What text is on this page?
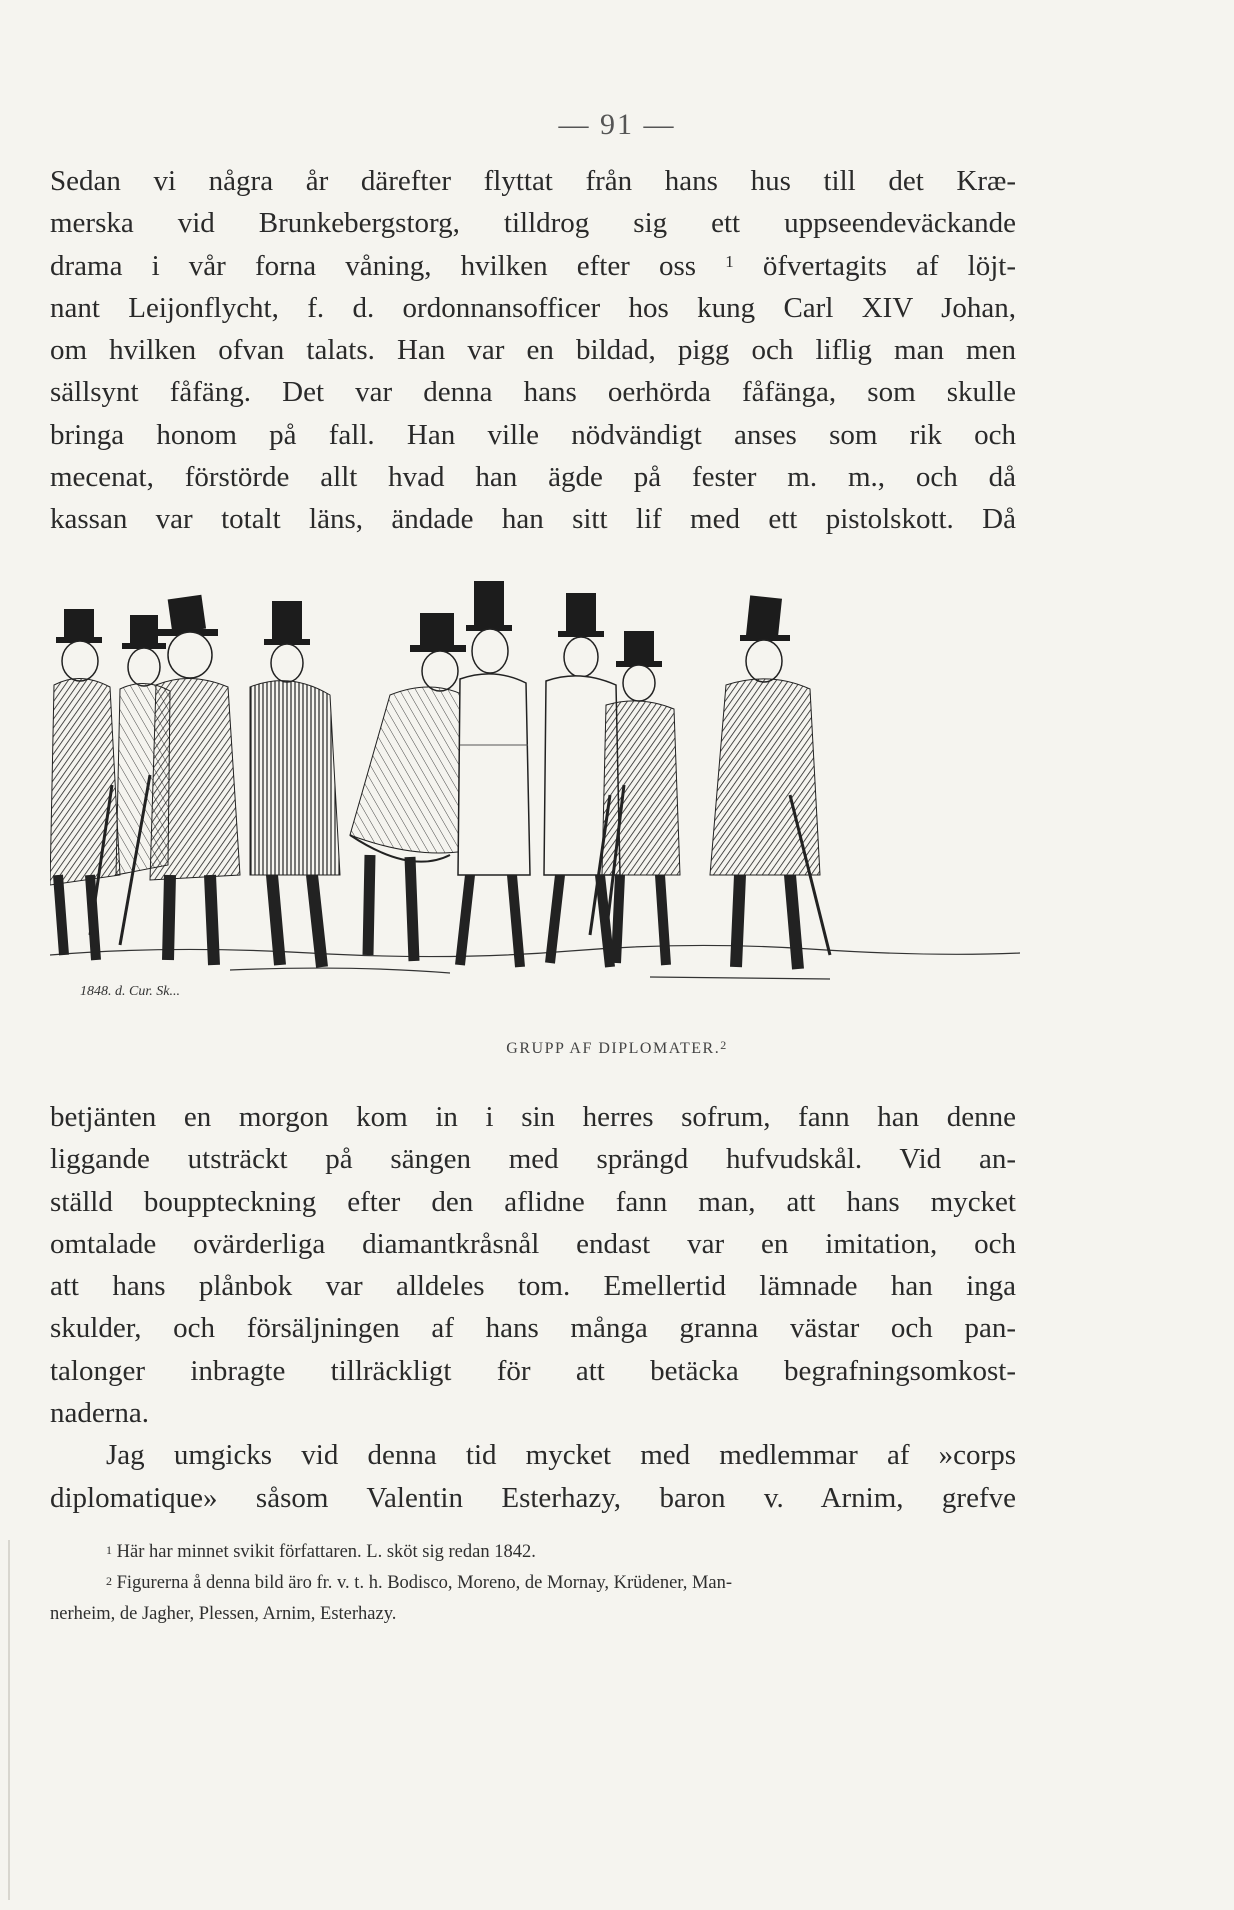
— 91 —
Sedan vi några år därefter flyttat från hans hus till det Kræ-
merska vid Brunkebergstorg, tilldrog sig ett uppseendeväckande
drama i vår forna våning, hvilken efter oss $^1$ öfvertagits af löjt-
nant Leijonflycht, f. d. ordonnansofficer hos kung Carl XIV Johan,
om hvilken ofvan talats. Han var en bildad, pigg och liflig man men
sällsynt fåfäng. Det var denna hans oerhörda fåfänga, som skulle
bringa honom på fall. Han ville nödvändigt anses som rik och
mecenat, förstörde allt hvad han ägde på fester m. m., och då
kassan var totalt läns, ändade han sitt lif med ett pistolskott. Då
1848. d. Cur. Sk...
GRUPP AF DIPLOMATER.$^2$
betjänten en morgon kom in i sin herres sofrum, fann han denne
liggande utsträckt på sängen med sprängd hufvudskål. Vid an-
ställd bouppteckning efter den aflidne fann man, att hans mycket
omtalade ovärderliga diamantkråsnål endast var en imitation, och
att hans plånbok var alldeles tom. Emellertid lämnade han inga
skulder, och försäljningen af hans många granna västar och pan-
talonger inbragte tillräckligt för att betäcka begrafningsomkost-
naderna.
Jag umgicks vid denna tid mycket med medlemmar af »corps
diplomatique» såsom Valentin Esterhazy, baron v. Arnim, grefve
$^1$ Här har minnet svikit författaren. L. sköt sig redan 1842.
$^2$ Figurerna å denna bild äro fr. v. t. h. Bodisco, Moreno, de Mornay, Krüdener, Man-
nerheim, de Jagher, Plessen, Arnim, Esterhazy.
